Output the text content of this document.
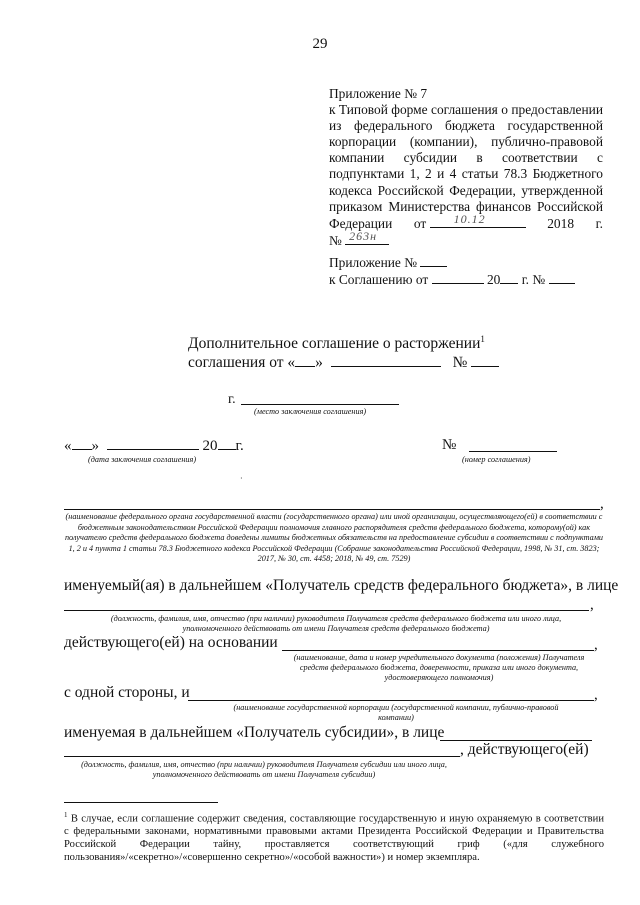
29
Приложение № 7
к Типовой форме соглашения о предоставлении
из федерального бюджета государственной
корпорации (компании), публично-правовой
компании субсидии в соответствии с
подпунктами 1, 2 и 4 статьи 78.3 Бюджетного
кодекса Российской Федерации, утвержденной
приказом Министерства финансов Российской
Федерации от 10.12	2018 г.
№ 263н
Приложение №
к Соглашению от	20 г. №
Дополнительное соглашение о расторжении$^1$
соглашения от « »	№
г.
(место заключения соглашения)
« »	20 г.
(дата заключения соглашения)
№
(номер соглашения)
·
,
(наименование федерального органа государственной власти (государственного органа) или иной организации, осуществляющего(ей) в соответствии с бюджетным законодательством Российской Федерации полномочия главного распорядителя средств федерального бюджета, которому(ой) как получателю средств федерального бюджета доведены лимиты бюджетных обязательств на предоставление субсидии в соответствии с подпунктами 1, 2 и 4 пункта 1 статьи 78.3 Бюджетного кодекса Российской Федерации (Собрание законодательства Российской Федерации, 1998, № 31, ст. 3823; 2017, № 30, ст. 4458; 2018, № 49, ст. 7529)
именуемый(ая) в дальнейшем «Получатель средств федерального бюджета», в лице
,
(должность, фамилия, имя, отчество (при наличии) руководителя Получателя средств федерального бюджета или иного лица, уполномоченного действовать от имени Получателя средств федерального бюджета)
действующего(ей) на основании	,
(наименование, дата и номер учредительного документа (положения) Получателя средств федерального бюджета, доверенности, приказа или иного документа, удостоверяющего полномочия)
с одной стороны, и	,
(наименование государственной корпорации (государственной компании, публично-правовой компании)
именуемая в дальнейшем «Получатель субсидии», в лице
, действующего(ей)
(должность, фамилия, имя, отчество (при наличии) руководителя Получателя субсидии или иного лица, уполномоченного действовать от имени Получателя субсидии)
$^1$ В случае, если соглашение содержит сведения, составляющие государственную и иную охраняемую в соответствии
с федеральными законами, нормативными правовыми актами Президента Российской Федерации и Правительства
Российской Федерации тайну, проставляется соответствующий гриф («для служебного
пользования»/«секретно»/«совершенно секретно»/«особой важности») и номер экземпляра.
